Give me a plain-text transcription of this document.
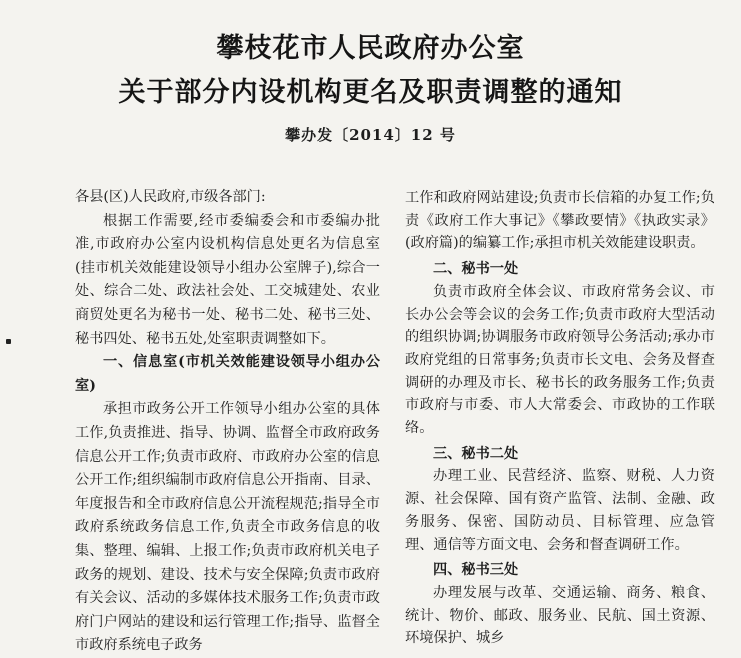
攀枝花市人民政府办公室
关于部分内设机构更名及职责调整的通知
攀办发〔2014〕12 号

各县(区)人民政府,市级各部门:

根据工作需要,经市委编委会和市委编办批准,市政府办公室内设机构信息处更名为信息室(挂市机关效能建设领导小组办公室牌子),综合一处、综合二处、政法社会处、工交城建处、农业商贸处更名为秘书一处、秘书二处、秘书三处、秘书四处、秘书五处,处室职责调整如下。

一、信息室(市机关效能建设领导小组办公室)

承担市政务公开工作领导小组办公室的具体工作,负责推进、指导、协调、监督全市政府政务信息公开工作;负责市政府、市政府办公室的信息公开工作;组织编制市政府信息公开指南、目录、年度报告和全市政府信息公开流程规范;指导全市政府系统政务信息工作,负责全市政务信息的收集、整理、编辑、上报工作;负责市政府机关电子政务的规划、建设、技术与安全保障;负责市政府有关会议、活动的多媒体技术服务工作;负责市政府门户网站的建设和运行管理工作;指导、监督全市政府系统电子政务

工作和政府网站建设;负责市长信箱的办复工作;负责《政府工作大事记》《攀政要情》《执政实录》(政府篇)的编纂工作;承担市机关效能建设职责。

二、秘书一处

负责市政府全体会议、市政府常务会议、市长办公会等会议的会务工作;负责市政府大型活动的组织协调;协调服务市政府领导公务活动;承办市政府党组的日常事务;负责市长文电、会务及督查调研的办理及市长、秘书长的政务服务工作;负责市政府与市委、市人大常委会、市政协的工作联络。

三、秘书二处

办理工业、民营经济、监察、财税、人力资源、社会保障、国有资产监管、法制、金融、政务服务、保密、国防动员、目标管理、应急管理、通信等方面文电、会务和督查调研工作。

四、秘书三处

办理发展与改革、交通运输、商务、粮食、统计、物价、邮政、服务业、民航、国土资源、环境保护、城乡
